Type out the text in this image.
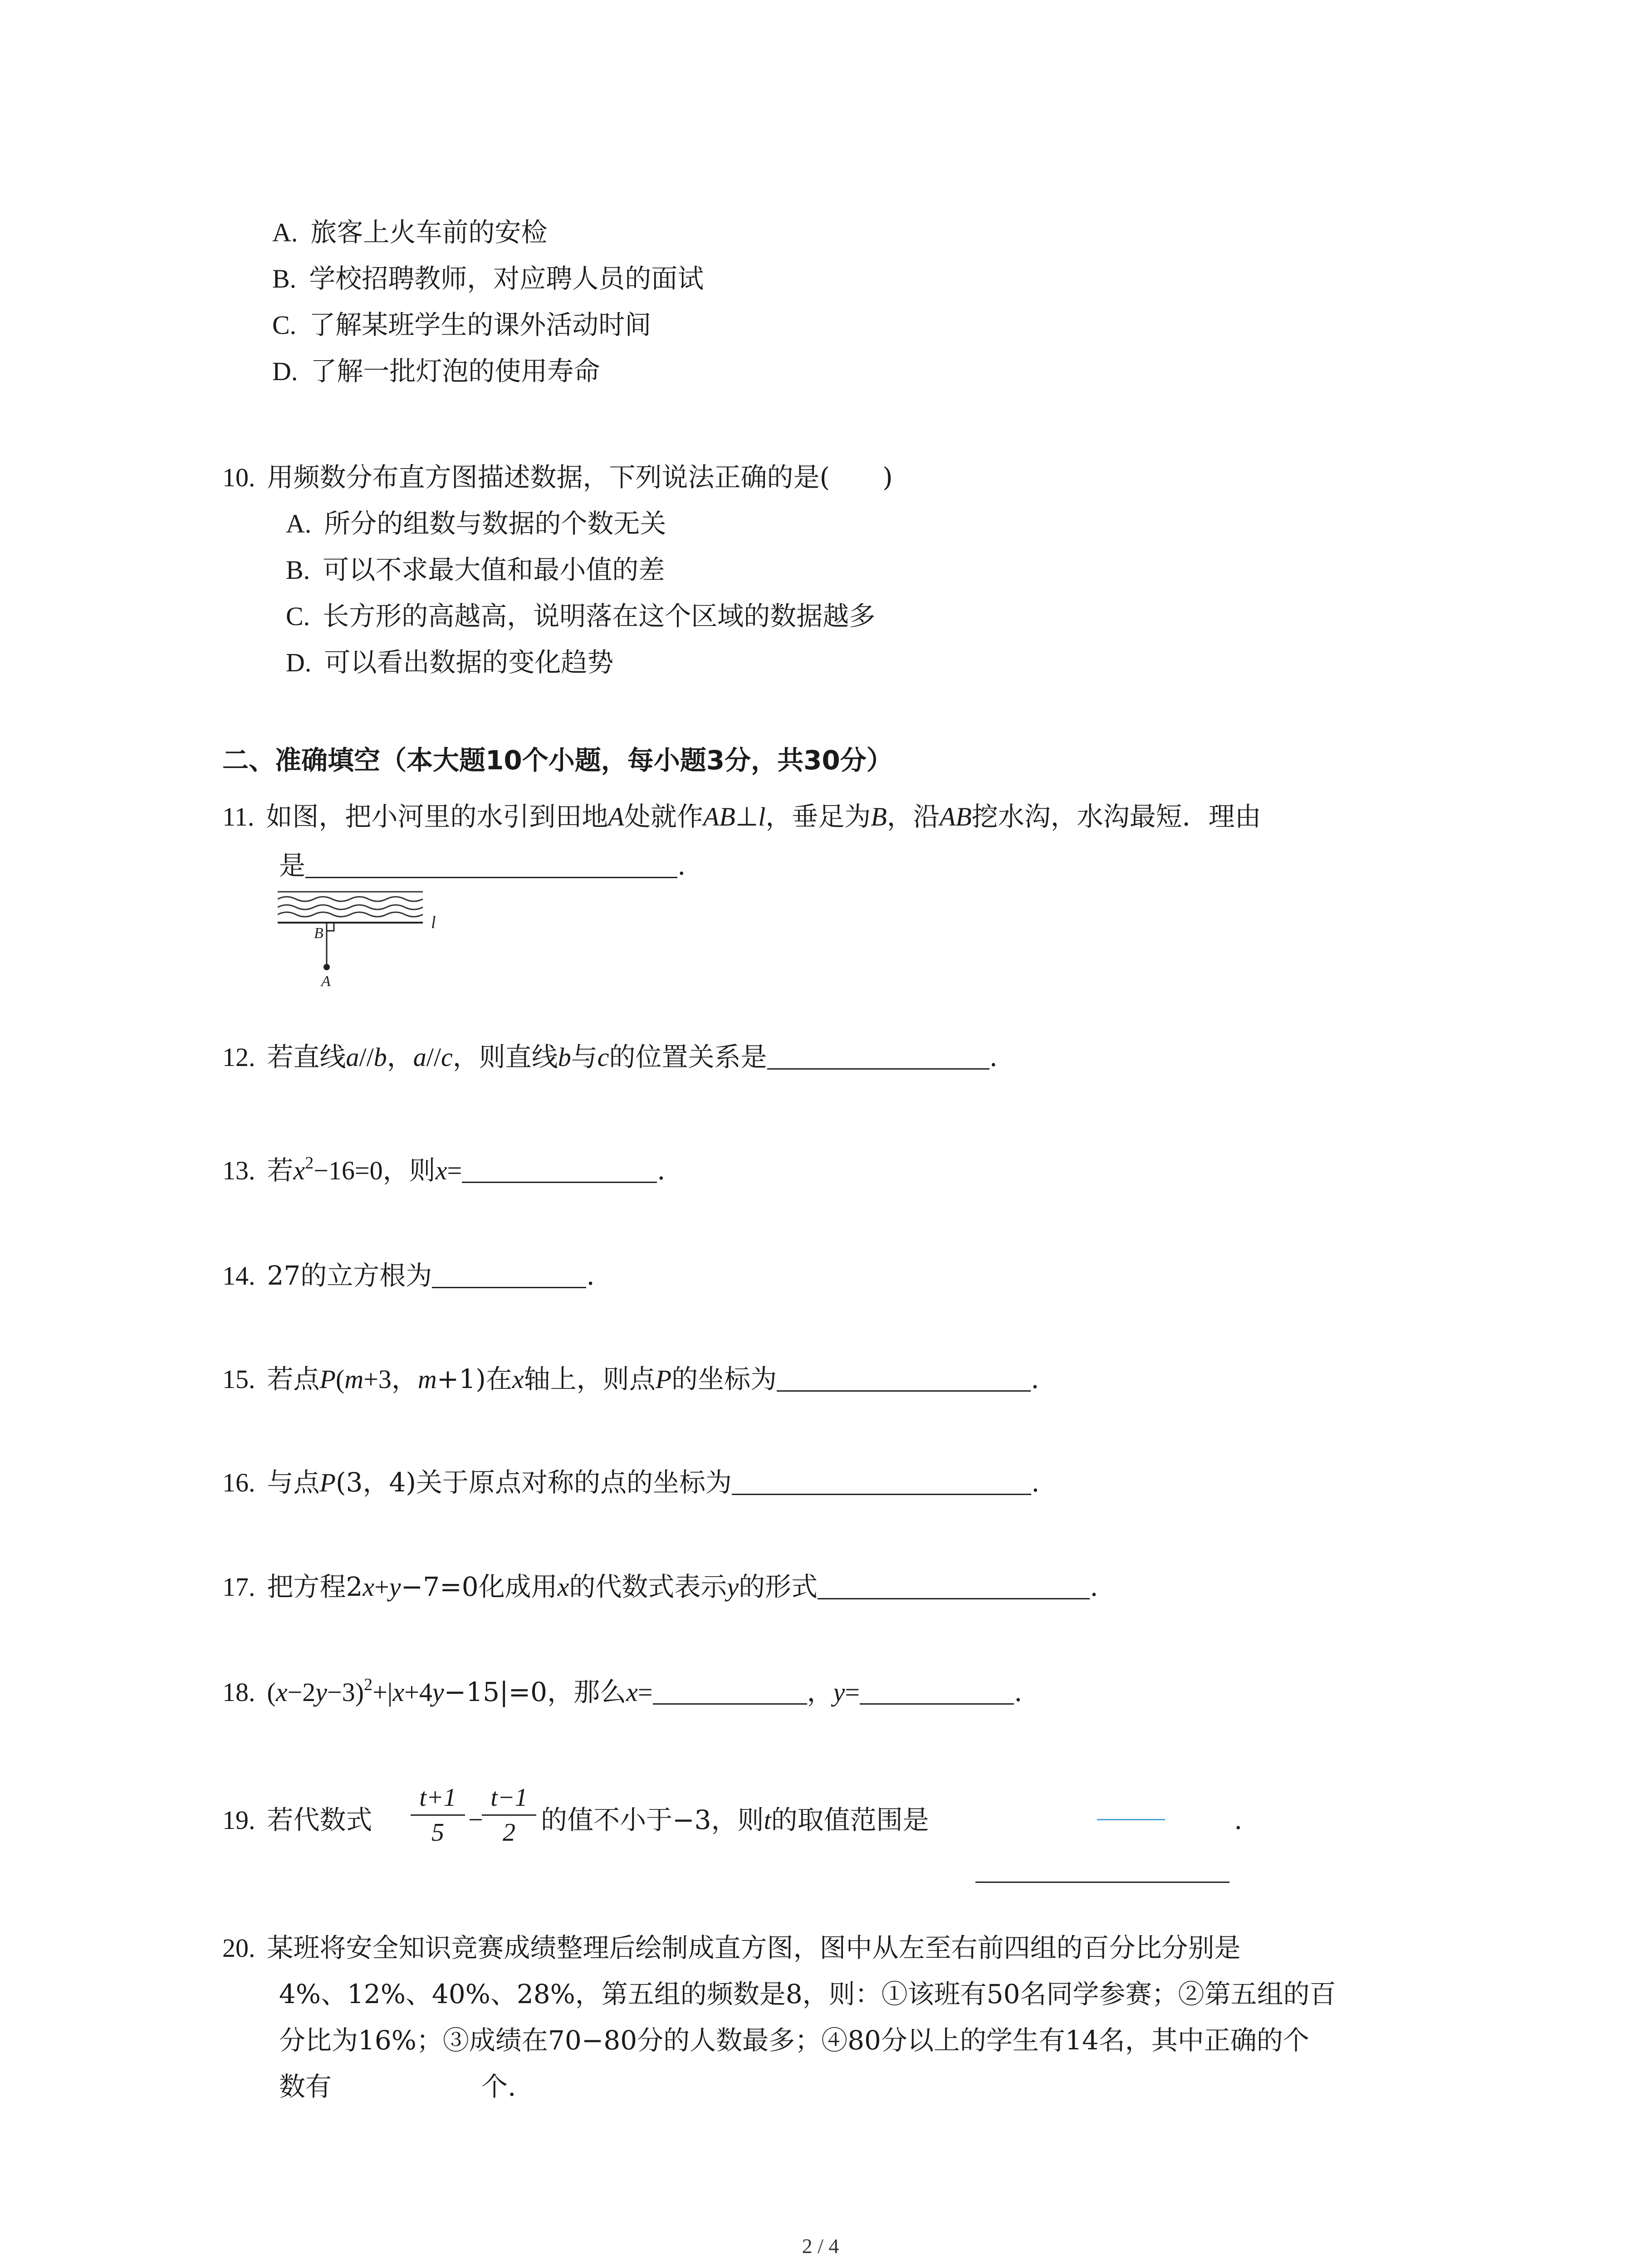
A. 旅客上火车前的安检
B. 学校招聘教师，对应聘人员的面试
C. 了解某班学生的课外活动时间
D. 了解一批灯泡的使用寿命
10. 用频数分布直方图描述数据，下列说法正确的是(　　)
A. 所分的组数与数据的个数无关
B. 可以不求最大值和最小值的差
C. 长方形的高越高，说明落在这个区域的数据越多
D. 可以看出数据的变化趋势
二、准确填空（本大题10个小题，每小题3分，共30分）
11. 如图，把小河里的水引到田地A处就作AB⊥l，垂足为B，沿AB挖水沟，水沟最短．理由
是	.
B
l
A
12. 若直线a//b，a//c，则直线b与c的位置关系是	.
13. 若$x^2-16=0$，则x=	.
14. 27的立方根为	.
15. 若点P(m+3，m+1)在x轴上，则点P的坐标为	.
16. 与点P(3，4)关于原点对称的点的坐标为	.
17. 把方程2x+y−7=0化成用x的代数式表示y的形式	.
18. $(x-2y-3)^2+|x+4y-15|=0$，那么x=	，y=	.
19. 若代数式
t+1
5 −
t−1
2 的值不小于−3，则t的取值范围是	.
20. 某班将安全知识竞赛成绩整理后绘制成直方图，图中从左至右前四组的百分比分别是
4%、12%、40%、28%，第五组的频数是8，则：①该班有50名同学参赛；②第五组的百
分比为16%；③成绩在70−80分的人数最多；④80分以上的学生有14名，其中正确的个
数有	个.
2 / 4
